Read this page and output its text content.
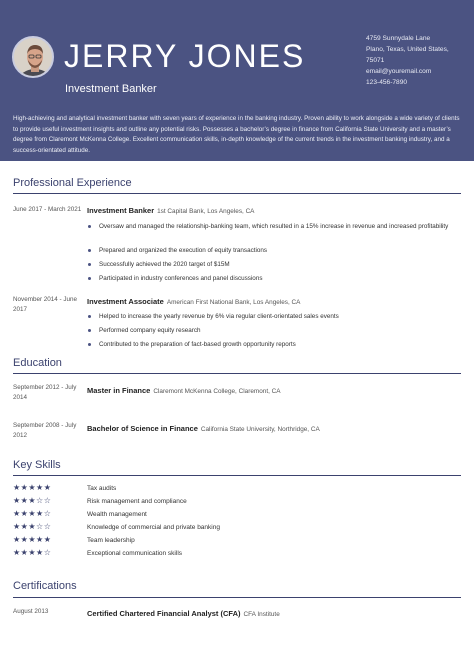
JERRY JONES
Investment Banker
4759 Sunnydale Lane
Plano, Texas, United States,
75071
email@youremail.com
123-456-7890
High-achieving and analytical investment banker with seven years of experience in the banking industry. Proven ability to work alongside a wide variety of clients to provide useful investment insights and outline any potential risks. Possesses a bachelor’s degree in finance from California State University and a master’s degree from Claremont McKenna College. Excellent communication skills, in-depth knowledge of the current trends in the investment banking industry, and a success-orientated attitude.
Professional Experience
June 2017 - March 2021 Investment Banker 1st Capital Bank, Los Angeles, CA
Oversaw and managed the relationship-banking team, which resulted in a 15% increase in revenue and increased profitability
Prepared and organized the execution of equity transactions
Successfully achieved the 2020 target of $15M
Participated in industry conferences and panel discussions
November 2014 - June 2017
Investment Associate American First National Bank, Los Angeles, CA
Helped to increase the yearly revenue by 6% via regular client-orientated sales events
Performed company equity research
Contributed to the preparation of fact-based growth opportunity reports
Education
September 2012 - July 2014
Master in Finance Claremont McKenna College, Claremont, CA
September 2008 - July 2012
Bachelor of Science in Finance California State University, Northridge, CA
Key Skills
★★★★★	Tax audits
★★★☆☆	Risk management and compliance
★★★★☆	Wealth management
★★★☆☆	Knowledge of commercial and private banking
★★★★★	Team leadership
★★★★☆	Exceptional communication skills
Certifications
August 2013	Certified Chartered Financial Analyst (CFA) CFA Institute
